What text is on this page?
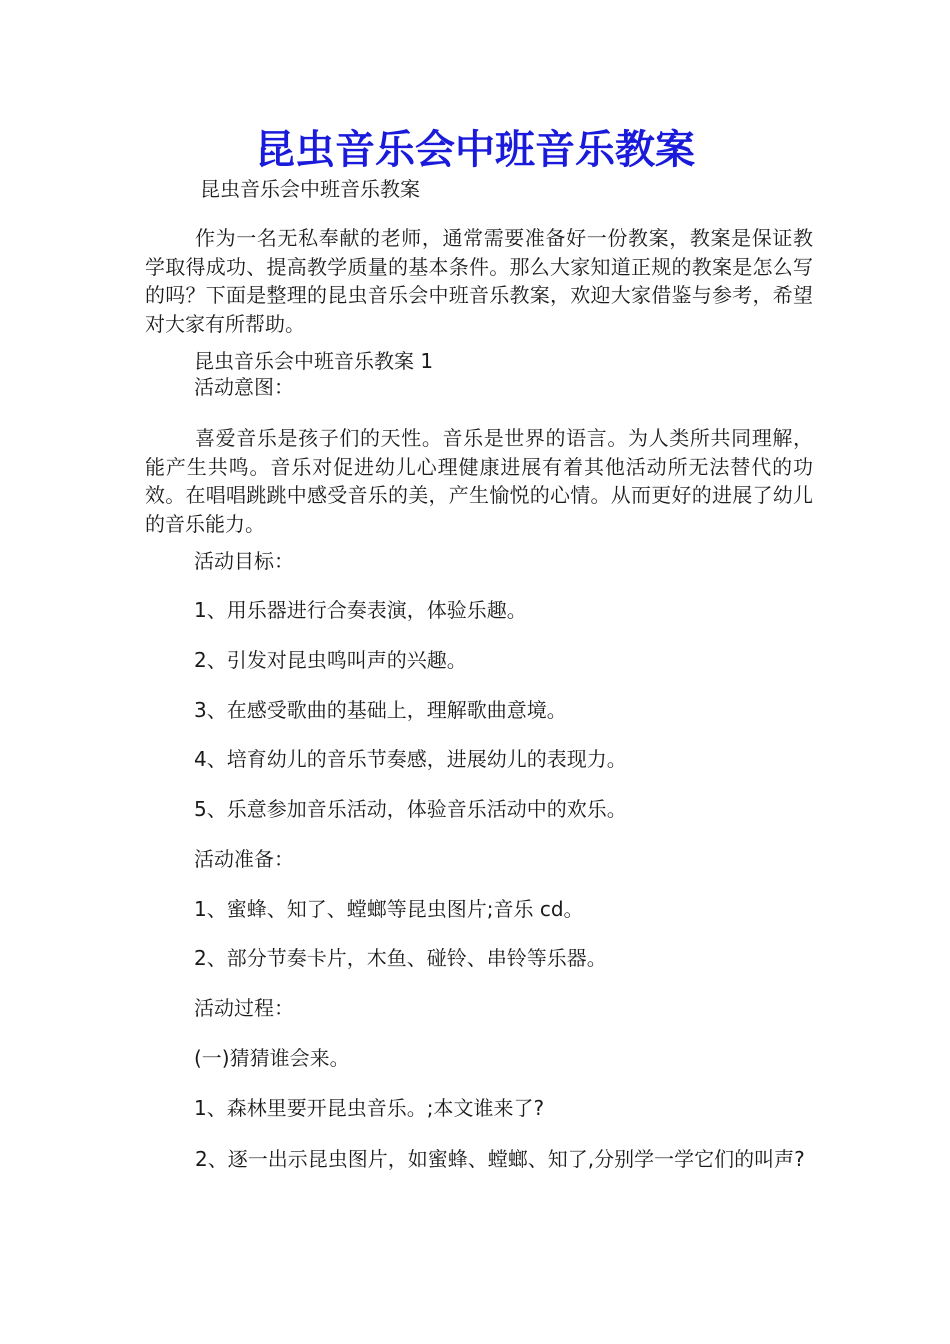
昆虫音乐会中班音乐教案

昆虫音乐会中班音乐教案

作为一名无私奉献的老师，通常需要准备好一份教案，教案是保证教学取得成功、提高教学质量的基本条件。那么大家知道正规的教案是怎么写的吗？下面是整理的昆虫音乐会中班音乐教案，欢迎大家借鉴与参考，希望对大家有所帮助。

昆虫音乐会中班音乐教案 1

活动意图：

喜爱音乐是孩子们的天性。音乐是世界的语言。为人类所共同理解，能产生共鸣。音乐对促进幼儿心理健康进展有着其他活动所无法替代的功效。在唱唱跳跳中感受音乐的美，产生愉悦的心情。从而更好的进展了幼儿的音乐能力。

活动目标：

1、用乐器进行合奏表演，体验乐趣。

2、引发对昆虫鸣叫声的兴趣。

3、在感受歌曲的基础上，理解歌曲意境。

4、培育幼儿的音乐节奏感，进展幼儿的表现力。

5、乐意参加音乐活动，体验音乐活动中的欢乐。

活动准备：

1、蜜蜂、知了、螳螂等昆虫图片;音乐 cd。

2、部分节奏卡片，木鱼、碰铃、串铃等乐器。

活动过程：

(一)猜猜谁会来。

1、森林里要开昆虫音乐。;本文谁来了?

2、逐一出示昆虫图片，如蜜蜂、螳螂、知了,分别学一学它们的叫声?
